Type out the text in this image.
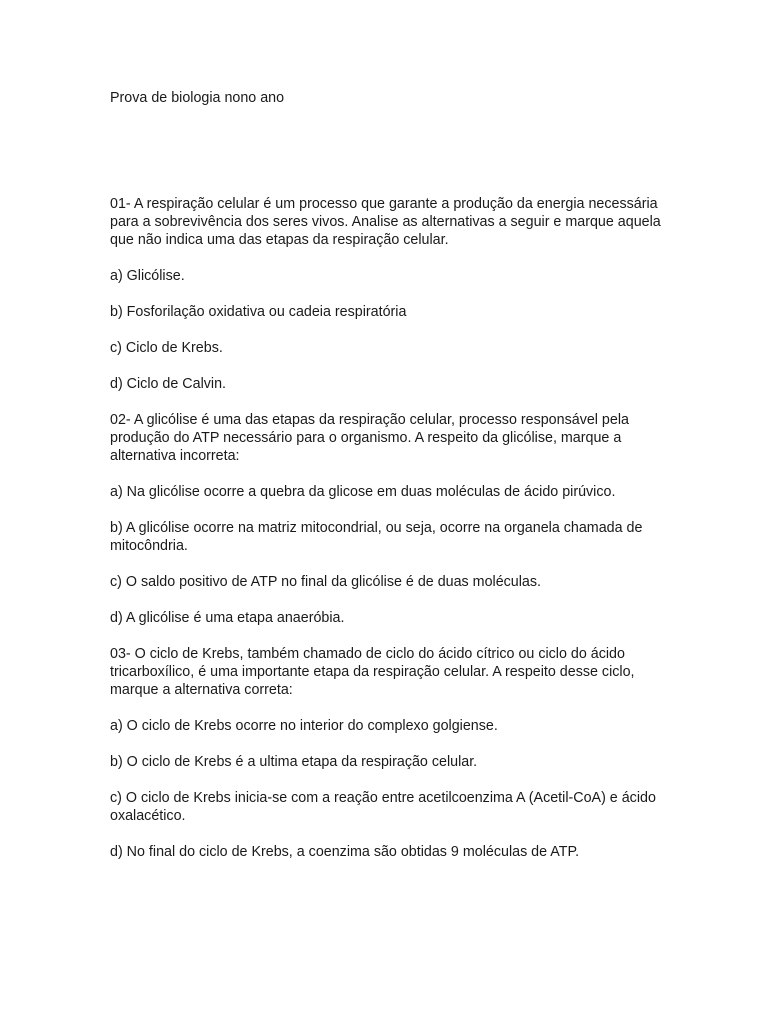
Prova de biologia nono ano

01- A respiração celular é um processo que garante a produção da energia necessária para a sobrevivência dos seres vivos. Analise as alternativas a seguir e marque aquela que não indica uma das etapas da respiração celular.

a) Glicólise.

b) Fosforilação oxidativa ou cadeia respiratória

c) Ciclo de Krebs.

d) Ciclo de Calvin.

02- A glicólise é uma das etapas da respiração celular, processo responsável pela produção do ATP necessário para o organismo. A respeito da glicólise, marque a alternativa incorreta:

a) Na glicólise ocorre a quebra da glicose em duas moléculas de ácido pirúvico.

b) A glicólise ocorre na matriz mitocondrial, ou seja, ocorre na organela chamada de mitocôndria.

c) O saldo positivo de ATP no final da glicólise é de duas moléculas.

d) A glicólise é uma etapa anaeróbia.

03- O ciclo de Krebs, também chamado de ciclo do ácido cítrico ou ciclo do ácido tricarboxílico, é uma importante etapa da respiração celular. A respeito desse ciclo, marque a alternativa correta:

a) O ciclo de Krebs ocorre no interior do complexo golgiense.

b) O ciclo de Krebs é a ultima etapa da respiração celular.

c) O ciclo de Krebs inicia-se com a reação entre acetilcoenzima A (Acetil-CoA) e ácido oxalacético.

d) No final do ciclo de Krebs, a coenzima são obtidas 9 moléculas de ATP.
